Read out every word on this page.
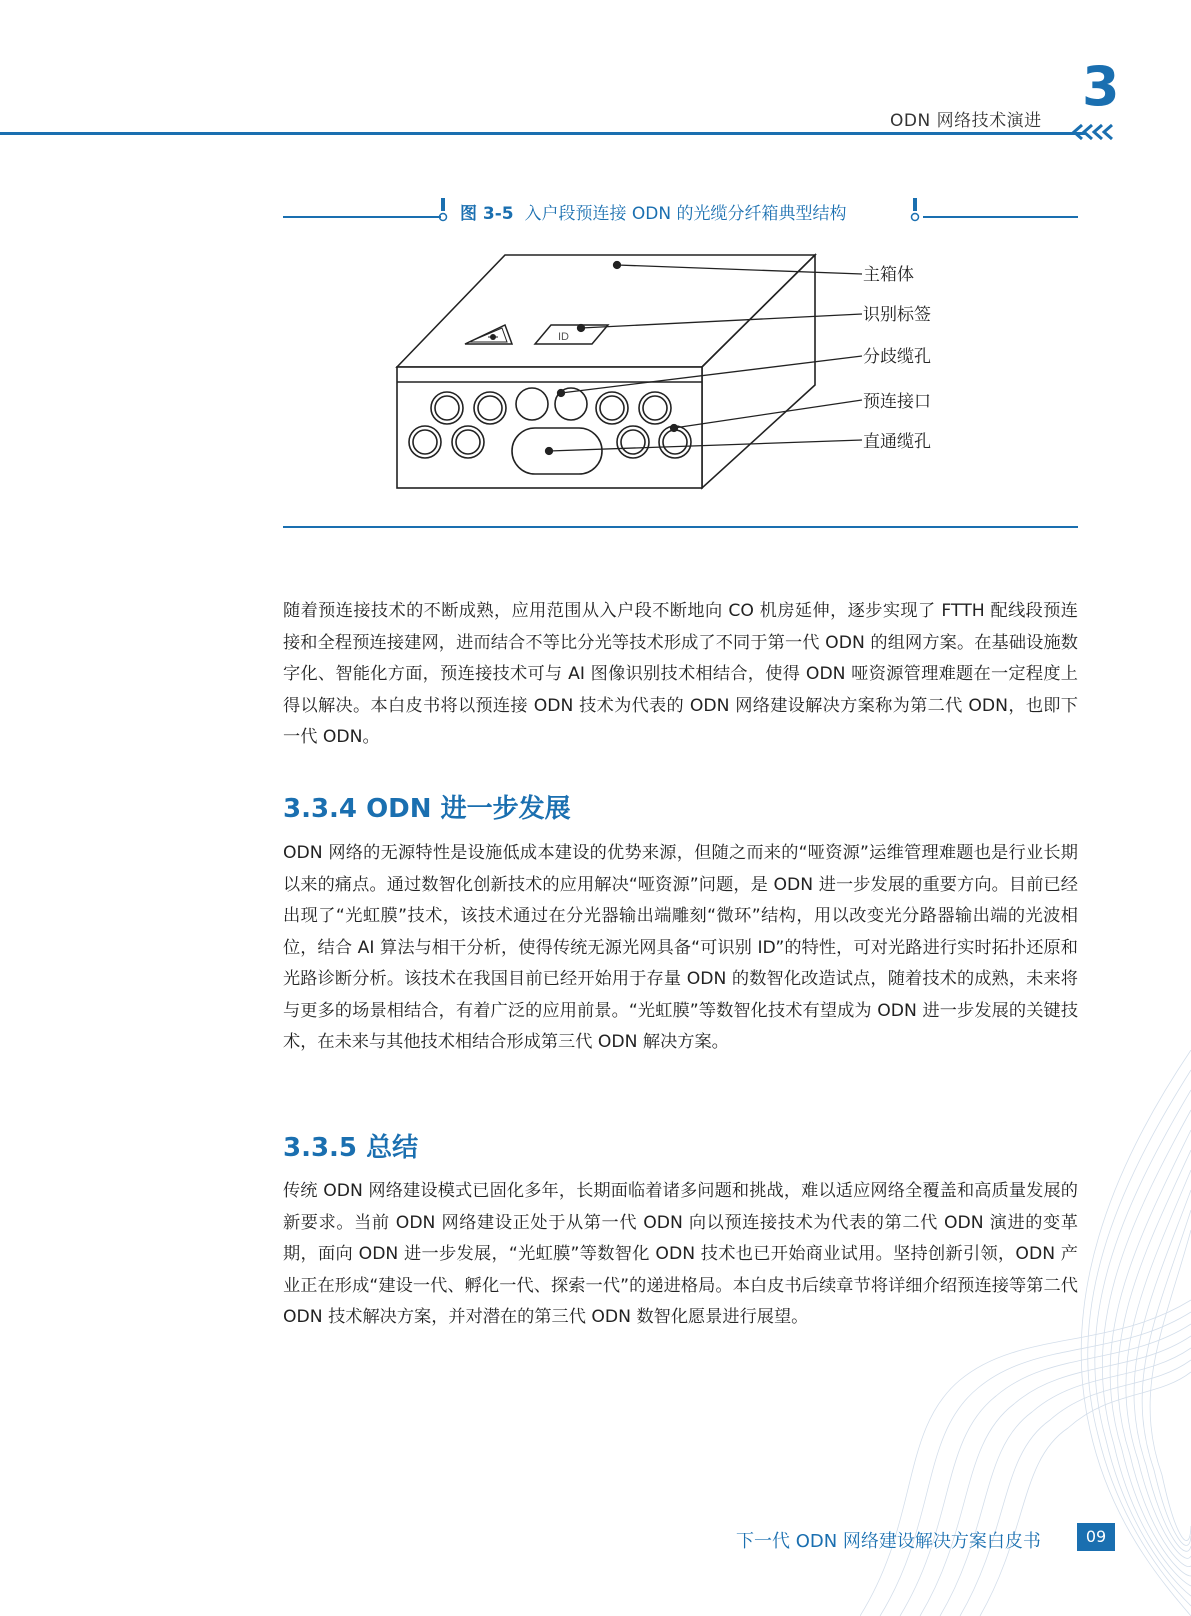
ODN 网络技术演进
3
图 3-5 入户段预连接 ODN 的光缆分纤箱典型结构
ID
主箱体
识别标签
分歧缆孔
预连接口
直通缆孔
随着预连接技术的不断成熟，应用范围从入户段不断地向 CO 机房延伸，逐步实现了 FTTH 配线段预连接和全程预连接建网，进而结合不等比分光等技术形成了不同于第一代 ODN 的组网方案。在基础设施数字化、智能化方面，预连接技术可与 AI 图像识别技术相结合，使得 ODN 哑资源管理难题在一定程度上得以解决。本白皮书将以预连接 ODN 技术为代表的 ODN 网络建设解决方案称为第二代 ODN，也即下一代 ODN。
3.3.4 ODN 进一步发展
ODN 网络的无源特性是设施低成本建设的优势来源，但随之而来的“哑资源”运维管理难题也是行业长期以来的痛点。通过数智化创新技术的应用解决“哑资源”问题，是 ODN 进一步发展的重要方向。目前已经出现了“光虹膜”技术，该技术通过在分光器输出端雕刻“微环”结构，用以改变光分路器输出端的光波相位，结合 AI 算法与相干分析，使得传统无源光网具备“可识别 ID”的特性，可对光路进行实时拓扑还原和光路诊断分析。该技术在我国目前已经开始用于存量 ODN 的数智化改造试点，随着技术的成熟，未来将与更多的场景相结合，有着广泛的应用前景。“光虹膜”等数智化技术有望成为 ODN 进一步发展的关键技术，在未来与其他技术相结合形成第三代 ODN 解决方案。
3.3.5 总结
传统 ODN 网络建设模式已固化多年，长期面临着诸多问题和挑战，难以适应网络全覆盖和高质量发展的新要求。当前 ODN 网络建设正处于从第一代 ODN 向以预连接技术为代表的第二代 ODN 演进的变革期，面向 ODN 进一步发展，“光虹膜”等数智化 ODN 技术也已开始商业试用。坚持创新引领，ODN 产业正在形成“建设一代、孵化一代、探索一代”的递进格局。本白皮书后续章节将详细介绍预连接等第二代 ODN 技术解决方案，并对潜在的第三代 ODN 数智化愿景进行展望。
下一代 ODN 网络建设解决方案白皮书	09
